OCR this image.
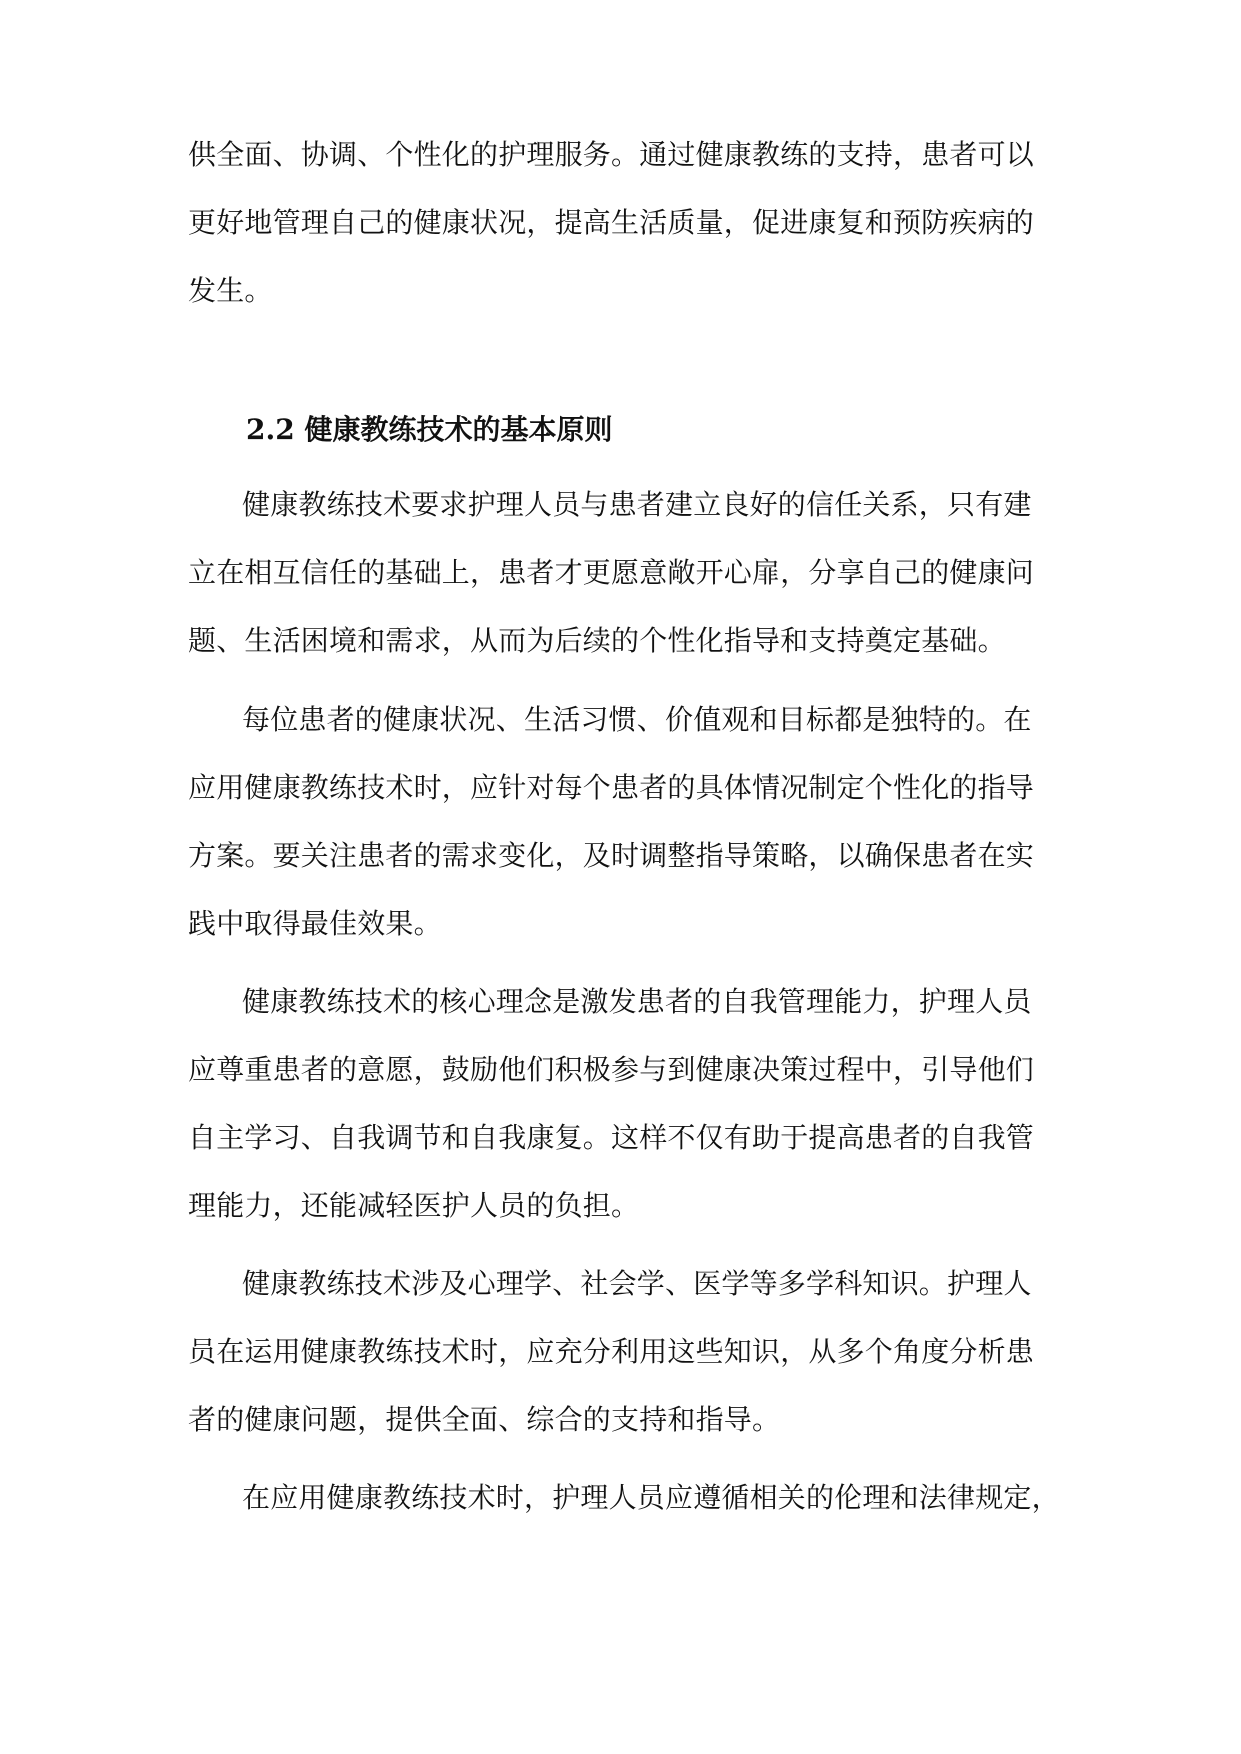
供全面、协调、个性化的护理服务。通过健康教练的支持，患者可以
更好地管理自己的健康状况，提高生活质量，促进康复和预防疾病的
发生。
2.2 健康教练技术的基本原则
健康教练技术要求护理人员与患者建立良好的信任关系，只有建
立在相互信任的基础上，患者才更愿意敞开心扉，分享自己的健康问
题、生活困境和需求，从而为后续的个性化指导和支持奠定基础。
每位患者的健康状况、生活习惯、价值观和目标都是独特的。在
应用健康教练技术时，应针对每个患者的具体情况制定个性化的指导
方案。要关注患者的需求变化，及时调整指导策略，以确保患者在实
践中取得最佳效果。
健康教练技术的核心理念是激发患者的自我管理能力，护理人员
应尊重患者的意愿，鼓励他们积极参与到健康决策过程中，引导他们
自主学习、自我调节和自我康复。这样不仅有助于提高患者的自我管
理能力，还能减轻医护人员的负担。
健康教练技术涉及心理学、社会学、医学等多学科知识。护理人
员在运用健康教练技术时，应充分利用这些知识，从多个角度分析患
者的健康问题，提供全面、综合的支持和指导。
在应用健康教练技术时，护理人员应遵循相关的伦理和法律规定，
